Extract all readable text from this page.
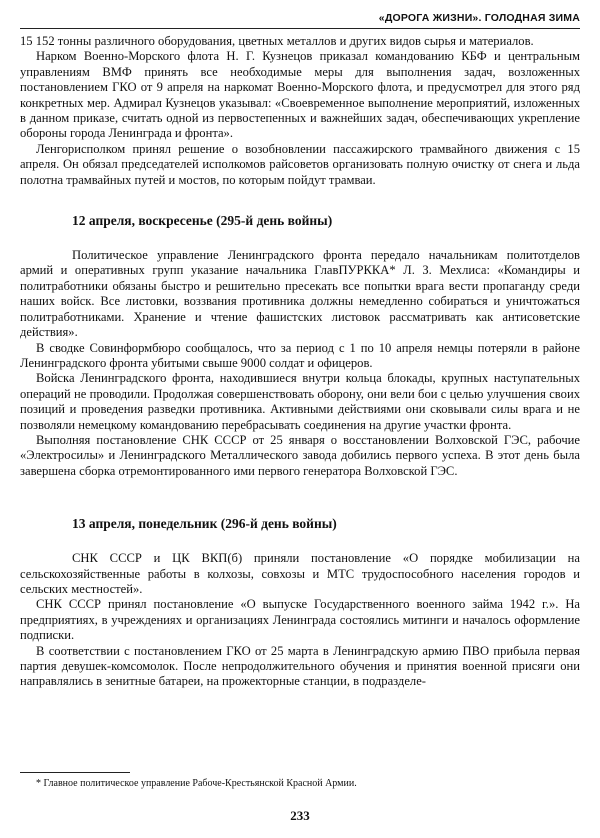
«ДОРОГА ЖИЗНИ». ГОЛОДНАЯ ЗИМА

15 152 тонны различного оборудования, цветных металлов и других видов сырья и материалов.

Нарком Военно-Морского флота Н. Г. Кузнецов приказал командованию КБФ и центральным управлениям ВМФ принять все необходимые меры для выполнения задач, возложенных постановлением ГКО от 9 апреля на наркомат Военно-Морского флота, и предусмотрел для этого ряд конкретных мер. Адмирал Кузнецов указывал: «Своевременное выполнение мероприятий, изложенных в данном приказе, считать одной из первостепенных и важнейших задач, обеспечивающих укрепление обороны города Ленинграда и фронта».

Ленгорисполком принял решение о возобновлении пассажирского трамвайного движения с 15 апреля. Он обязал председателей исполкомов райсоветов организовать полную очистку от снега и льда полотна трамвайных путей и мостов, по которым пойдут трамваи.

12 апреля, воскресенье (295-й день войны)

Политическое управление Ленинградского фронта передало начальникам политотделов армий и оперативных групп указание начальника ГлавПУРККА* Л. З. Мехлиса: «Командиры и политработники обязаны быстро и решительно пресекать все попытки врага вести пропаганду среди наших войск. Все листовки, воззвания противника должны немедленно собираться и уничтожаться политработниками. Хранение и чтение фашистских листовок рассматривать как антисоветские действия».

В сводке Совинформбюро сообщалось, что за период с 1 по 10 апреля немцы потеряли в районе Ленинградского фронта убитыми свыше 9000 солдат и офицеров.

Войска Ленинградского фронта, находившиеся внутри кольца блокады, крупных наступательных операций не проводили. Продолжая совершенствовать оборону, они вели бои с целью улучшения своих позиций и проведения разведки противника. Активными действиями они сковывали силы врага и не позволяли немецкому командованию перебрасывать соединения на другие участки фронта.

Выполняя постановление СНК СССР от 25 января о восстановлении Волховской ГЭС, рабочие «Электросилы» и Ленинградского Металлического завода добились первого успеха. В этот день была завершена сборка отремонтированного ими первого генератора Волховской ГЭС.

13 апреля, понедельник (296-й день войны)

СНК СССР и ЦК ВКП(б) приняли постановление «О порядке мобилизации на сельскохозяйственные работы в колхозы, совхозы и МТС трудоспособного населения городов и сельских местностей».

СНК СССР принял постановление «О выпуске Государственного военного займа 1942 г.». На предприятиях, в учреждениях и организациях Ленинграда состоялись митинги и началось оформление подписки.

В соответствии с постановлением ГКО от 25 марта в Ленинградскую армию ПВО прибыла первая партия девушек-комсомолок. После непродолжительного обучения и принятия военной присяги они направлялись в зенитные батареи, на прожекторные станции, в подразделе-

* Главное политическое управление Рабоче-Крестьянской Красной Армии.
233
